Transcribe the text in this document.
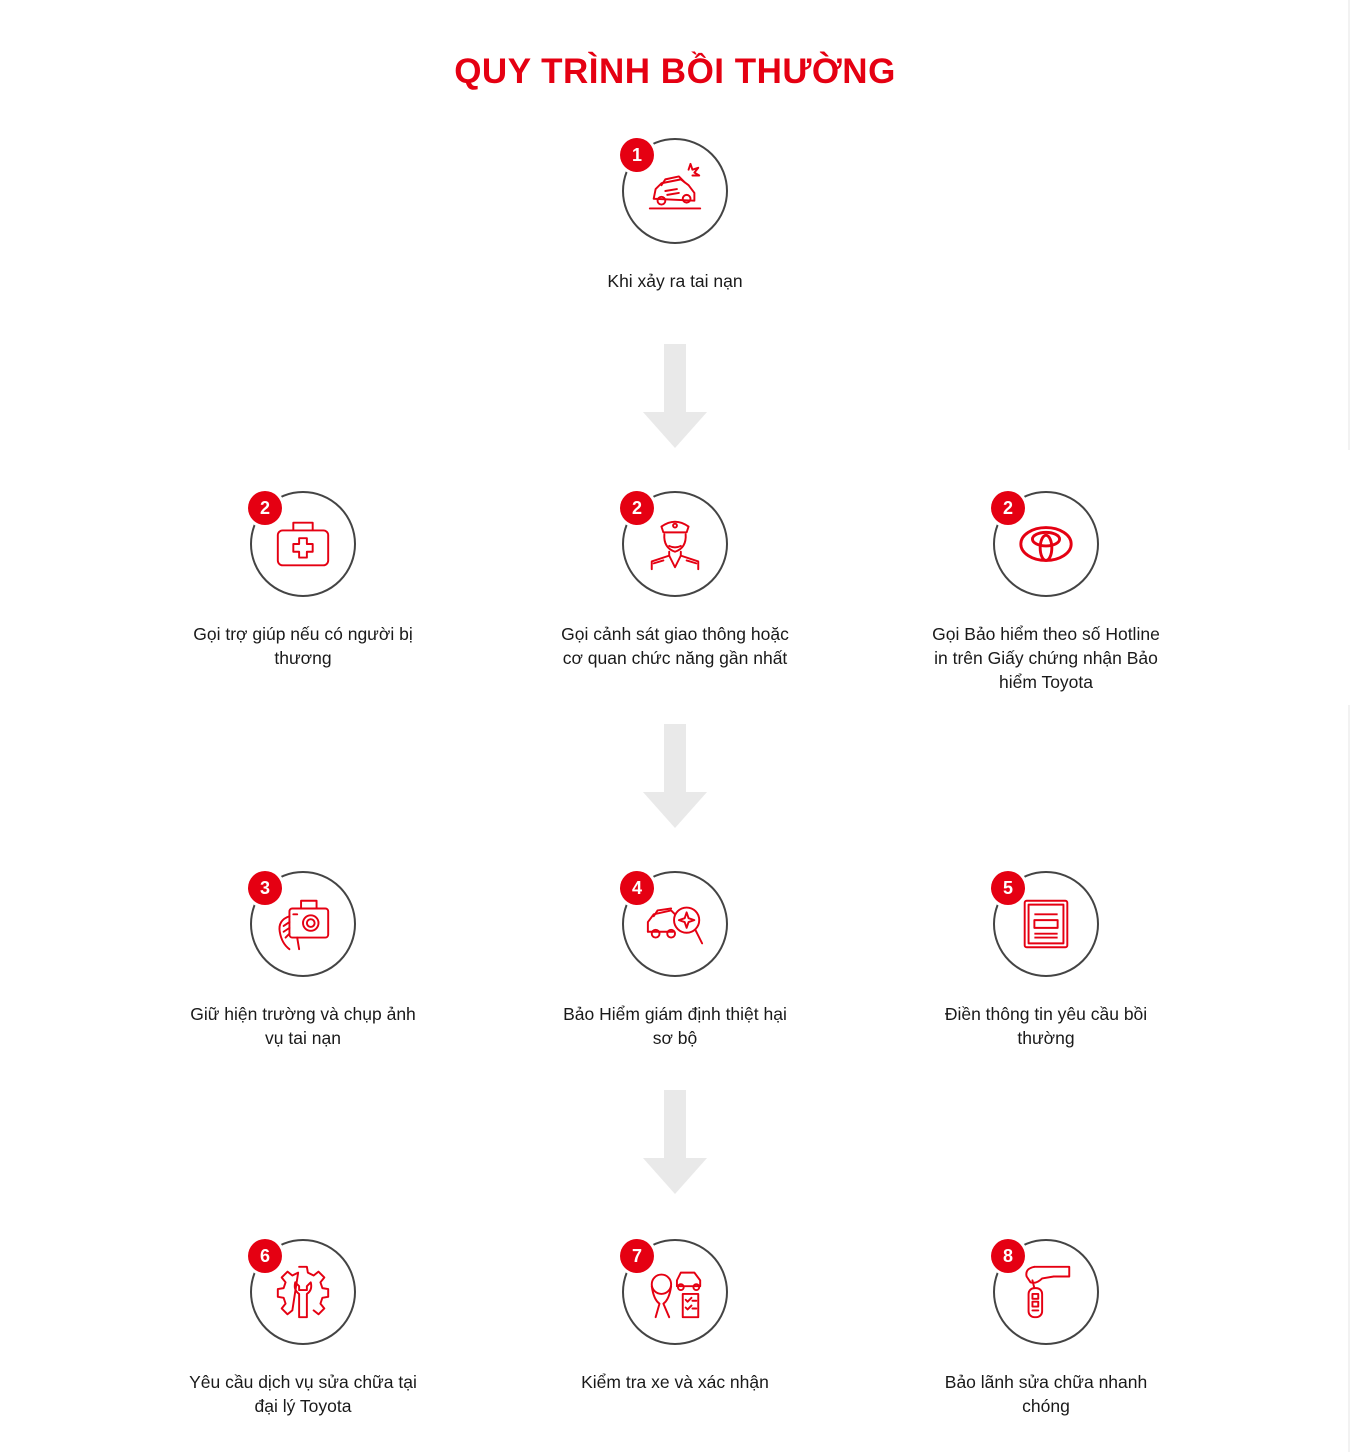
QUY TRÌNH BỒI THƯỜNG
1
Khi xảy ra tai nạn
2
Gọi trợ giúp nếu có người bị thương
2
Gọi cảnh sát giao thông hoặc cơ quan chức năng gần nhất
2
Gọi Bảo hiểm theo số Hotline in trên Giấy chứng nhận Bảo hiểm Toyota
3
Giữ hiện trường và chụp ảnh vụ tai nạn
4
Bảo Hiểm giám định thiệt hại sơ bộ
5
Điền thông tin yêu cầu bồi thường
6
Yêu cầu dịch vụ sửa chữa tại đại lý Toyota
7
Kiểm tra xe và xác nhận
8
Bảo lãnh sửa chữa nhanh chóng
